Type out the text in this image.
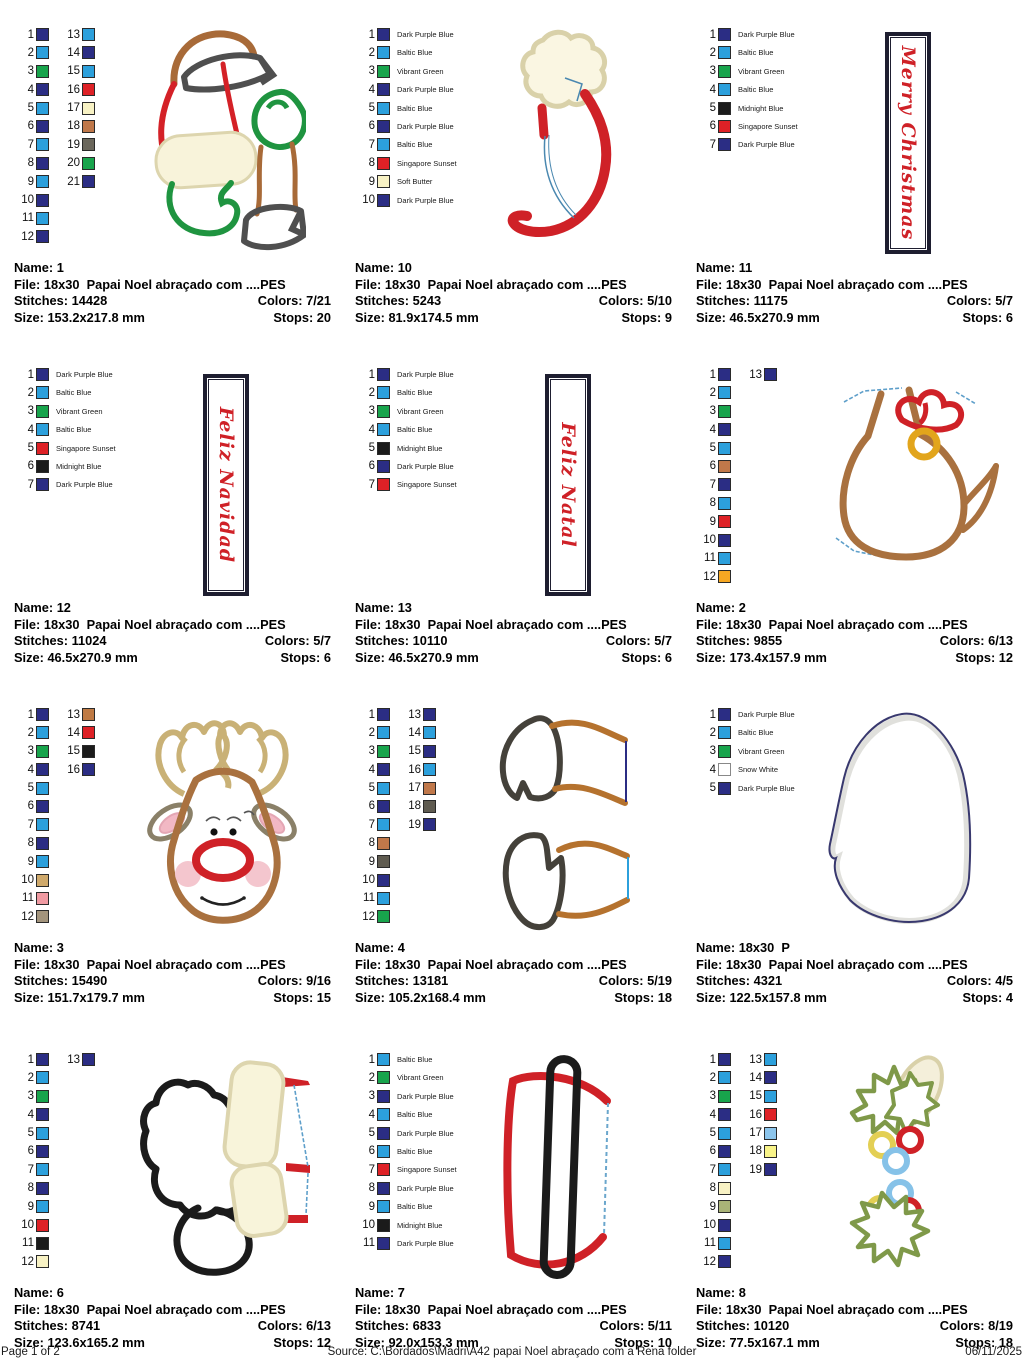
1
2
3
4
5
6
7
8
9
10
11
12
13
14
15
16
17
18
19
20
21
Name: 1
File: 18x30  Papai Noel abraçado com ....PES
Stitches: 14428	Colors: 7/21
Size: 153.2x217.8 mm	Stops: 20
1	Dark Purple Blue
2	Baltic Blue
3	Vibrant Green
4	Dark Purple Blue
5	Baltic Blue
6	Dark Purple Blue
7	Baltic Blue
8	Singapore Sunset
9	Soft Butter
10	Dark Purple Blue
Name: 10
File: 18x30  Papai Noel abraçado com ....PES
Stitches: 5243	Colors: 5/10
Size: 81.9x174.5 mm	Stops: 9
1	Dark Purple Blue
2	Baltic Blue
3	Vibrant Green
4	Baltic Blue
5	Midnight Blue
6	Singapore Sunset
7	Dark Purple Blue	Merry Christmas
Name: 11
File: 18x30  Papai Noel abraçado com ....PES
Stitches: 11175	Colors: 5/7
Size: 46.5x270.9 mm	Stops: 6
1	Dark Purple Blue
2	Baltic Blue
3	Vibrant Green
4	Baltic Blue
5	Singapore Sunset
6	Midnight Blue
7	Dark Purple Blue	Feliz Navidad
Name: 12
File: 18x30  Papai Noel abraçado com ....PES
Stitches: 11024	Colors: 5/7
Size: 46.5x270.9 mm	Stops: 6
1	Dark Purple Blue
2	Baltic Blue
3	Vibrant Green
4	Baltic Blue
5	Midnight Blue
6	Dark Purple Blue
7	Singapore Sunset	Feliz Natal
Name: 13
File: 18x30  Papai Noel abraçado com ....PES
Stitches: 10110	Colors: 5/7
Size: 46.5x270.9 mm	Stops: 6
1
2
3
4
5
6
7
8
9
10
11
12
13
Name: 2
File: 18x30  Papai Noel abraçado com ....PES
Stitches: 9855	Colors: 6/13
Size: 173.4x157.9 mm	Stops: 12
1
2
3
4
5
6
7
8
9
10
11
12
13
14
15
16
Name: 3
File: 18x30  Papai Noel abraçado com ....PES
Stitches: 15490	Colors: 9/16
Size: 151.7x179.7 mm	Stops: 15
1
2
3
4
5
6
7
8
9
10
11
12
13
14
15
16
17
18
19
Name: 4
File: 18x30  Papai Noel abraçado com ....PES
Stitches: 13181	Colors: 5/19
Size: 105.2x168.4 mm	Stops: 18
1	Dark Purple Blue
2	Baltic Blue
3	Vibrant Green
4	Snow White
5	Dark Purple Blue
Name: 18x30  P
File: 18x30  Papai Noel abraçado com ....PES
Stitches: 4321	Colors: 4/5
Size: 122.5x157.8 mm	Stops: 4
1
2
3
4
5
6
7
8
9
10
11
12
13
Name: 6
File: 18x30  Papai Noel abraçado com ....PES
Stitches: 8741	Colors: 6/13
Size: 123.6x165.2 mm	Stops: 12
1	Baltic Blue
2	Vibrant Green
3	Dark Purple Blue
4	Baltic Blue
5	Dark Purple Blue
6	Baltic Blue
7	Singapore Sunset
8	Dark Purple Blue
9	Baltic Blue
10	Midnight Blue
11	Dark Purple Blue
Name: 7
File: 18x30  Papai Noel abraçado com ....PES
Stitches: 6833	Colors: 5/11
Size: 92.0x153.3 mm	Stops: 10
1
2
3
4
5
6
7
8
9
10
11
12
13
14
15
16
17
18
19
Name: 8
File: 18x30  Papai Noel abraçado com ....PES
Stitches: 10120	Colors: 8/19
Size: 77.5x167.1 mm	Stops: 18
Page 1 of 2	Source: C:\Bordados\Madri\A42 papai Noel abraçado com a Rena folder	06/11/2025
